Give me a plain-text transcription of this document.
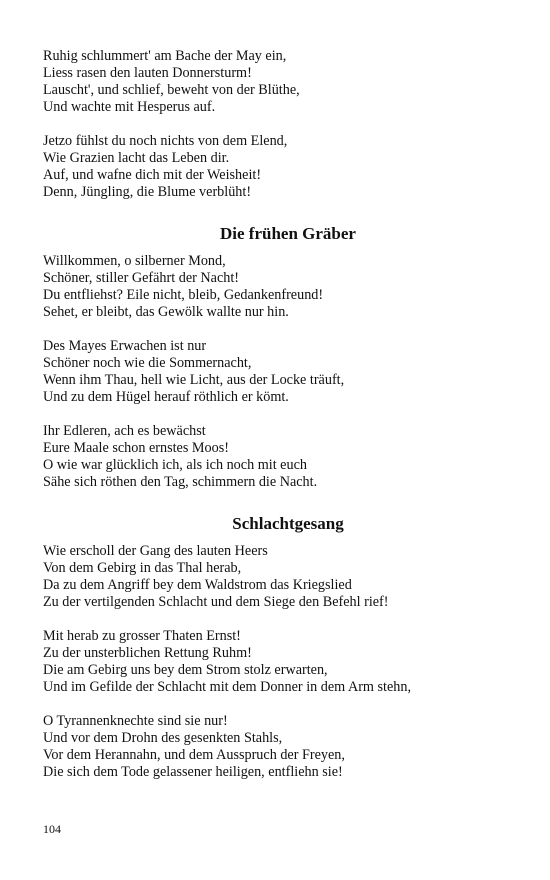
Ruhig schlummert' am Bache der May ein,
Liess rasen den lauten Donnersturm!
Lauscht', und schlief, beweht von der Blüthe,
Und wachte mit Hesperus auf.
Jetzo fühlst du noch nichts von dem Elend,
Wie Grazien lacht das Leben dir.
Auf, und wafne dich mit der Weisheit!
Denn, Jüngling, die Blume verblüht!
Die frühen Gräber
Willkommen, o silberner Mond,
Schöner, stiller Gefährt der Nacht!
Du entfliehst? Eile nicht, bleib, Gedankenfreund!
Sehet, er bleibt, das Gewölk wallte nur hin.
Des Mayes Erwachen ist nur
Schöner noch wie die Sommernacht,
Wenn ihm Thau, hell wie Licht, aus der Locke träuft,
Und zu dem Hügel herauf röthlich er kömt.
Ihr Edleren, ach es bewächst
Eure Maale schon ernstes Moos!
O wie war glücklich ich, als ich noch mit euch
Sähe sich röthen den Tag, schimmern die Nacht.
Schlachtgesang
Wie erscholl der Gang des lauten Heers
Von dem Gebirg in das Thal herab,
Da zu dem Angriff bey dem Waldstrom das Kriegslied
Zu der vertilgenden Schlacht und dem Siege den Befehl rief!
Mit herab zu grosser Thaten Ernst!
Zu der unsterblichen Rettung Ruhm!
Die am Gebirg uns bey dem Strom stolz erwarten,
Und im Gefilde der Schlacht mit dem Donner in dem Arm stehn,
O Tyrannenknechte sind sie nur!
Und vor dem Drohn des gesenkten Stahls,
Vor dem Herannahn, und dem Ausspruch der Freyen,
Die sich dem Tode gelassener heiligen, entfliehn sie!
104
